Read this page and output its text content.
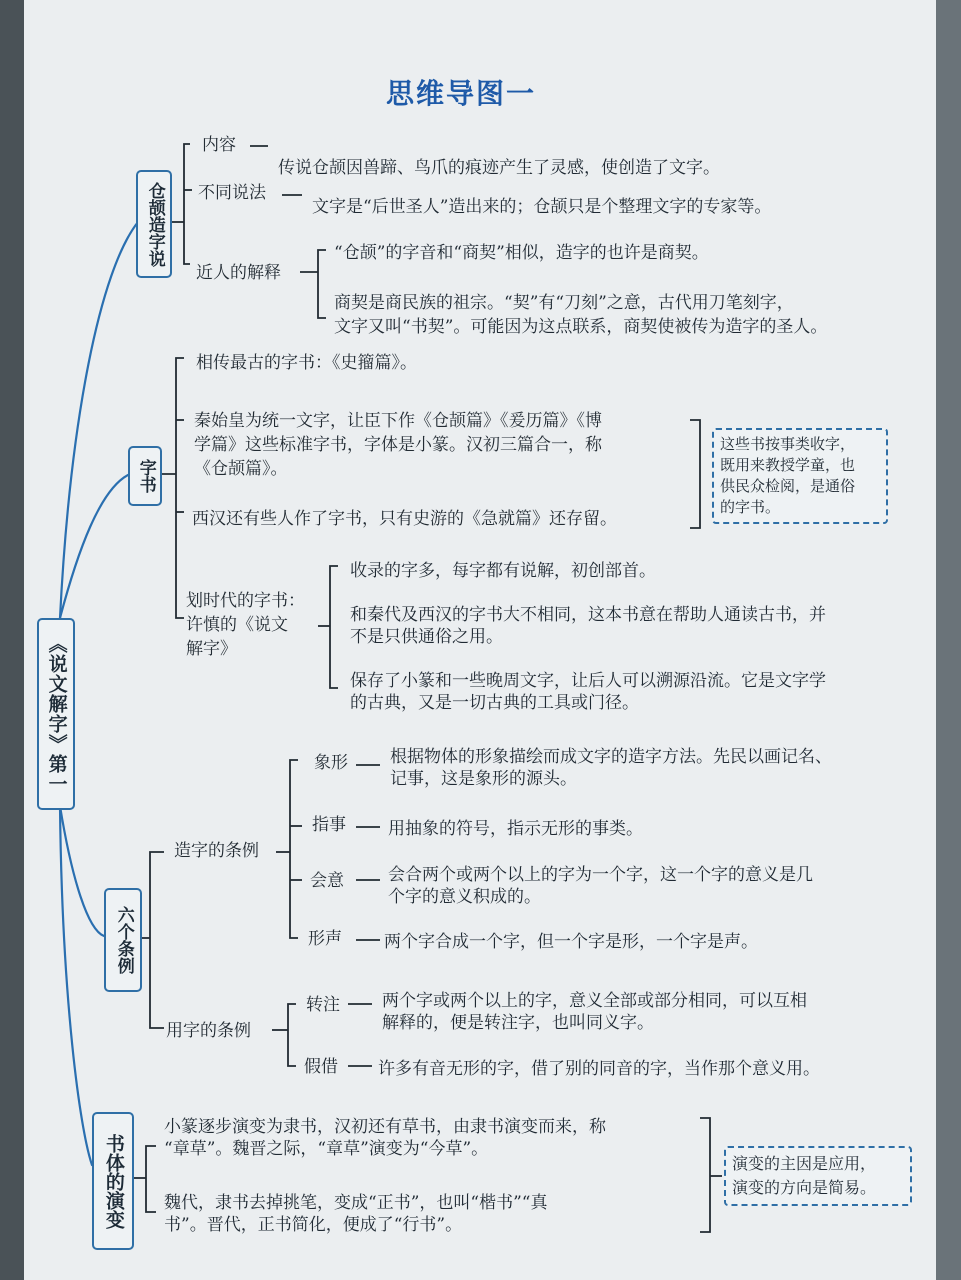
思维导图一
《说文解字》第一
仓颉造字说
内容
传说仓颉因兽蹄、鸟爪的痕迹产生了灵感，使创造了文字。
不同说法
文字是“后世圣人”造出来的；仓颉只是个整理文字的专家等。
近人的解释
“仓颉”的字音和“商契”相似，造字的也许是商契。
商契是商民族的祖宗。“契”有“刀刻”之意，古代用刀笔刻字，
文字又叫“书契”。可能因为这点联系，商契使被传为造字的圣人。
字书
相传最古的字书：《史籀篇》。
秦始皇为统一文字，让臣下作《仓颉篇》《爰历篇》《博
学篇》这些标准字书，字体是小篆。汉初三篇合一，称
《仓颉篇》。
西汉还有些人作了字书，只有史游的《急就篇》还存留。
这些书按事类收字，
既用来教授学童，也
供民众检阅，是通俗
的字书。
划时代的字书：
许慎的《说文
解字》
收录的字多，每字都有说解，初创部首。
和秦代及西汉的字书大不相同，这本书意在帮助人通读古书，并
不是只供通俗之用。
保存了小篆和一些晚周文字，让后人可以溯源沿流。它是文字学
的古典，又是一切古典的工具或门径。
六个条例
造字的条例
象形 根据物体的形象描绘而成文字的造字方法。先民以画记名、
记事，这是象形的源头。
指事 用抽象的符号，指示无形的事类。
会意	会合两个或两个以上的字为一个字，这一个字的意义是几
个字的意义积成的。
形声 两个字合成一个字，但一个字是形，一个字是声。
用字的条例
转注 两个字或两个以上的字，意义全部或部分相同，可以互相
解释的，便是转注字，也叫同义字。
假借 许多有音无形的字，借了别的同音的字，当作那个意义用。
书体的演变
小篆逐步演变为隶书，汉初还有草书，由隶书演变而来，称
“章草”。魏晋之际，“章草”演变为“今草”。
魏代，隶书去掉挑笔，变成“正书”，也叫“楷书”“真
书”。晋代，正书简化，便成了“行书”。
演变的主因是应用，
演变的方向是简易。
